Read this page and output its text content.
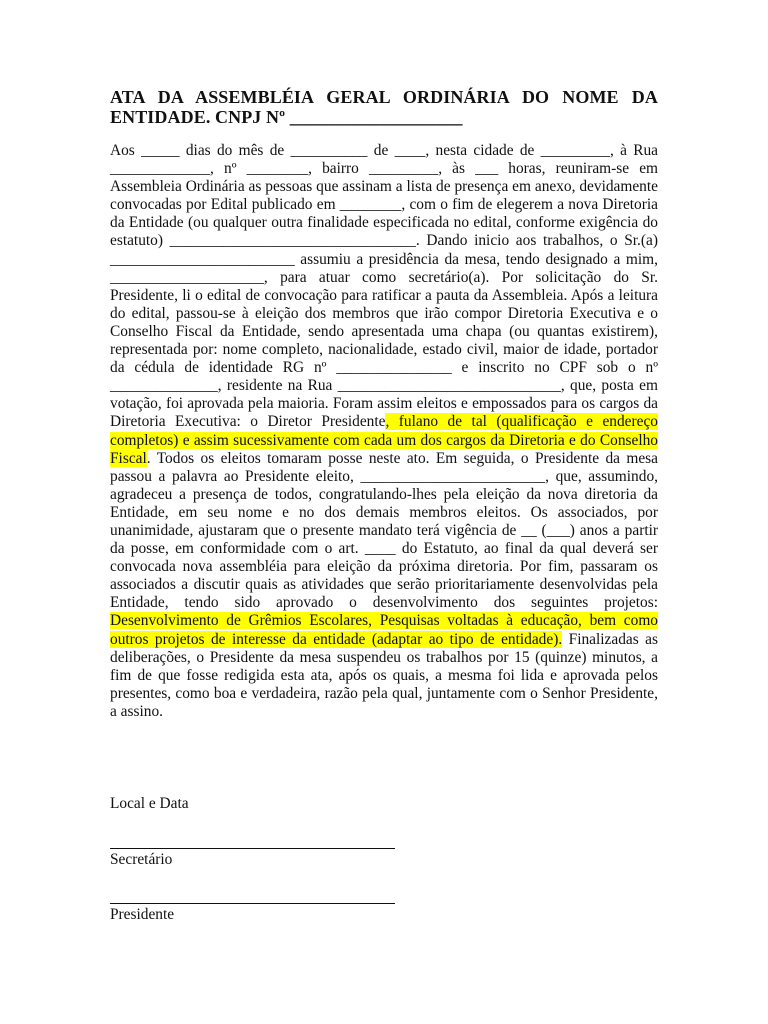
ATA DA ASSEMBLÉIA GERAL ORDINÁRIA DO NOME DA ENTIDADE. CNPJ Nº ___________________
Aos _____ dias do mês de __________ de ____, nesta cidade de _________, à Rua _____________, nº ________, bairro _________, às ___ horas, reuniram-se em Assembleia Ordinária as pessoas que assinam a lista de presença em anexo, devidamente convocadas por Edital publicado em ________, com o fim de elegerem a nova Diretoria da Entidade (ou qualquer outra finalidade especificada no edital, conforme exigência do estatuto) ________________________________. Dando inicio aos trabalhos, o Sr.(a) ________________________ assumiu a presidência da mesa, tendo designado a mim, ____________________, para atuar como secretário(a). Por solicitação do Sr. Presidente, li o edital de convocação para ratificar a pauta da Assembleia. Após a leitura do edital, passou-se à eleição dos membros que irão compor Diretoria Executiva e o Conselho Fiscal da Entidade, sendo apresentada uma chapa (ou quantas existirem), representada por: nome completo, nacionalidade, estado civil, maior de idade, portador da cédula de identidade RG nº _______________ e inscrito no CPF sob o nº ______________, residente na Rua _____________________________, que, posta em votação, foi aprovada pela maioria. Foram assim eleitos e empossados para os cargos da Diretoria Executiva: o Diretor Presidente, fulano de tal (qualificação e endereço completos) e assim sucessivamente com cada um dos cargos da Diretoria e do Conselho Fiscal. Todos os eleitos tomaram posse neste ato. Em seguida, o Presidente da mesa passou a palavra ao Presidente eleito, ________________________, que, assumindo, agradeceu a presença de todos, congratulando-lhes pela eleição da nova diretoria da Entidade, em seu nome e no dos demais membros eleitos. Os associados, por unanimidade, ajustaram que o presente mandato terá vigência de __ (___) anos a partir da posse, em conformidade com o art. ____ do Estatuto, ao final da qual deverá ser convocada nova assembléia para eleição da próxima diretoria. Por fim, passaram os associados a discutir quais as atividades que serão prioritariamente desenvolvidas pela Entidade, tendo sido aprovado o desenvolvimento dos seguintes projetos: Desenvolvimento de Grêmios Escolares, Pesquisas voltadas à educação, bem como outros projetos de interesse da entidade (adaptar ao tipo de entidade). Finalizadas as deliberações, o Presidente da mesa suspendeu os trabalhos por 15 (quinze) minutos, a fim de que fosse redigida esta ata, após os quais, a mesma foi lida e aprovada pelos presentes, como boa e verdadeira, razão pela qual, juntamente com o Senhor Presidente, a assino.
Local e Data
Secretário
Presidente
